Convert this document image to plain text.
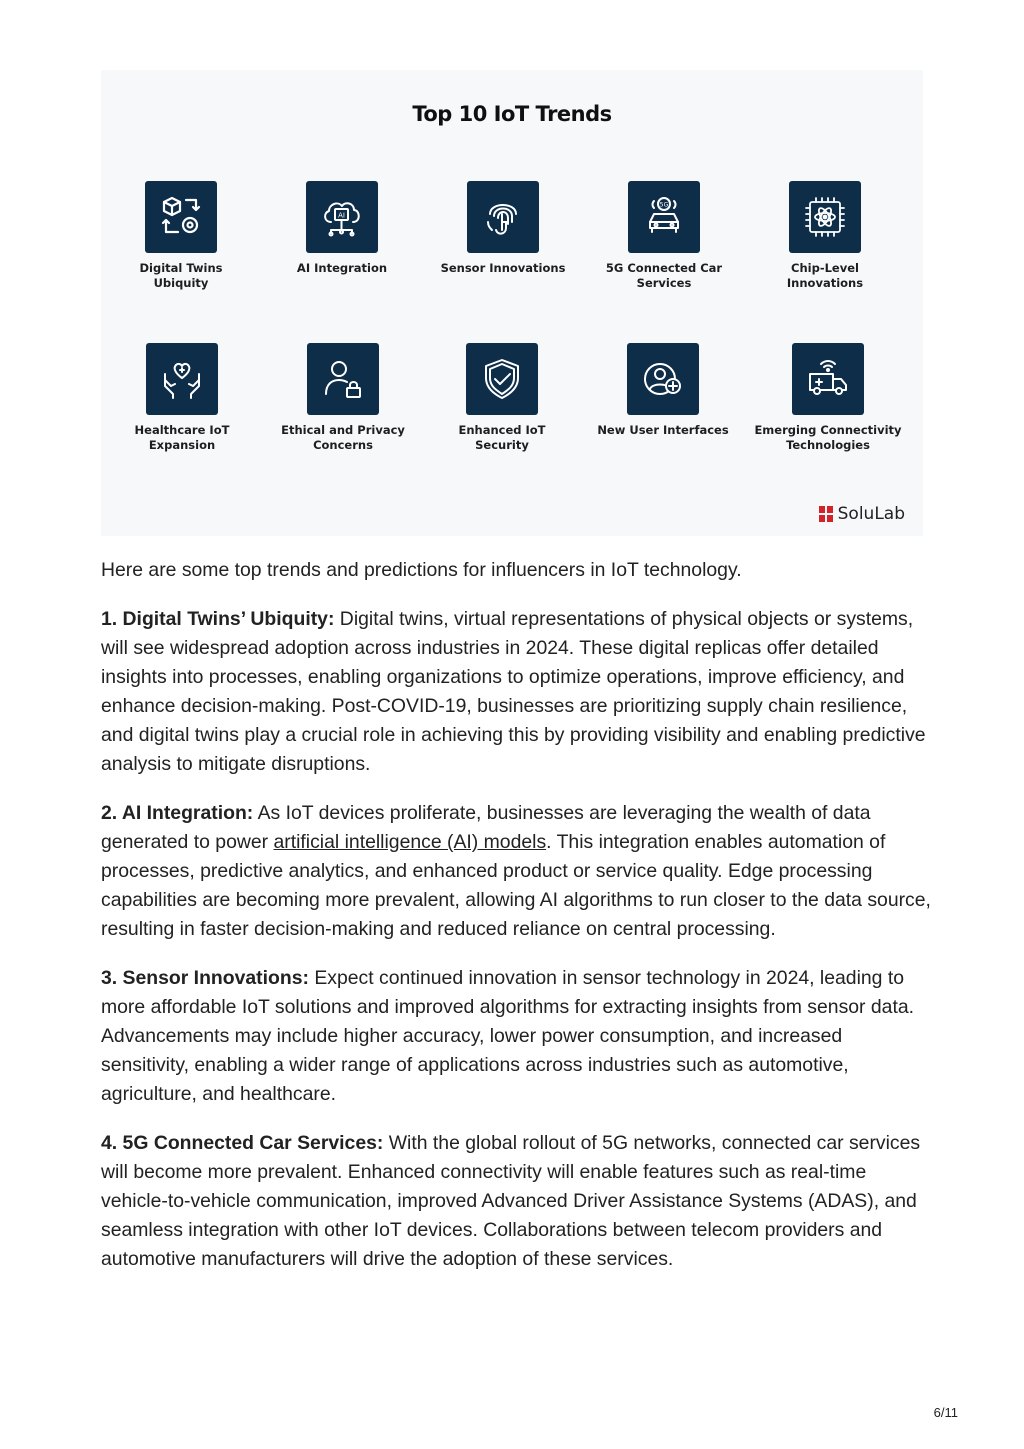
Top 10 IoT Trends
Digital Twins
Ubiquity
AI
AI Integration	Sensor Innovations
5G
5G Connected Car
Services
Chip-Level
Innovations
Healthcare IoT
Expansion
Ethical and Privacy
Concerns
Enhanced IoT
Security
New User Interfaces	Emerging Connectivity
Technologies
SoluLab

Here are some top trends and predictions for influencers in IoT technology.

1. Digital Twins’ Ubiquity: Digital twins, virtual representations of physical objects or systems, will see widespread adoption across industries in 2024. These digital replicas offer detailed insights into processes, enabling organizations to optimize operations, improve efficiency, and enhance decision-making. Post-COVID-19, businesses are prioritizing supply chain resilience, and digital twins play a crucial role in achieving this by providing visibility and enabling predictive analysis to mitigate disruptions.

2. AI Integration: As IoT devices proliferate, businesses are leveraging the wealth of data generated to power artificial intelligence (AI) models. This integration enables automation of processes, predictive analytics, and enhanced product or service quality. Edge processing capabilities are becoming more prevalent, allowing AI algorithms to run closer to the data source, resulting in faster decision-making and reduced reliance on central processing.

3. Sensor Innovations: Expect continued innovation in sensor technology in 2024, leading to more affordable IoT solutions and improved algorithms for extracting insights from sensor data. Advancements may include higher accuracy, lower power consumption, and increased sensitivity, enabling a wider range of applications across industries such as automotive, agriculture, and healthcare.

4. 5G Connected Car Services: With the global rollout of 5G networks, connected car services will become more prevalent. Enhanced connectivity will enable features such as real-time vehicle-to-vehicle communication, improved Advanced Driver Assistance Systems (ADAS), and seamless integration with other IoT devices. Collaborations between telecom providers and automotive manufacturers will drive the adoption of these services.

6/11
